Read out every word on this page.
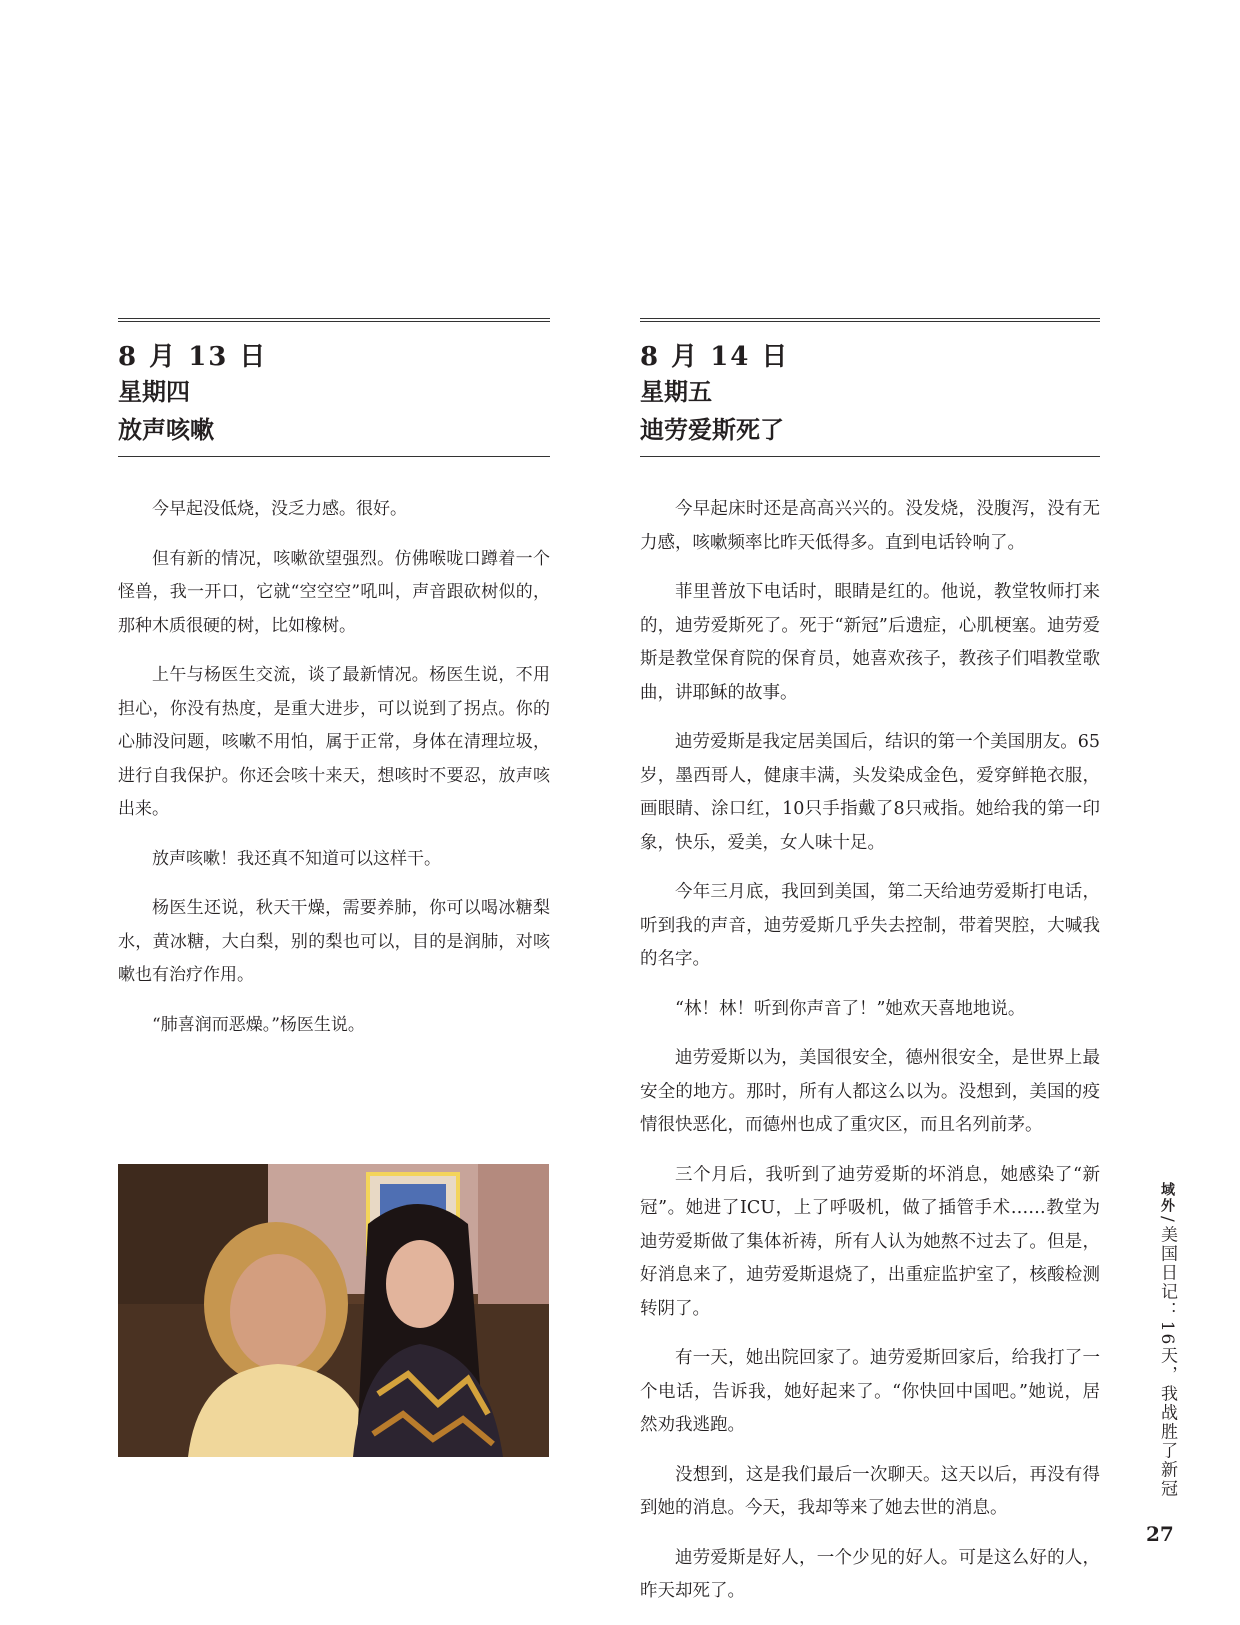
8 月 13 日
星期四
放声咳嗽

今早起没低烧，没乏力感。很好。

但有新的情况，咳嗽欲望强烈。仿佛喉咙口蹲着一个怪兽，我一开口，它就“空空空”吼叫，声音跟砍树似的，那种木质很硬的树，比如橡树。

上午与杨医生交流，谈了最新情况。杨医生说，不用担心，你没有热度，是重大进步，可以说到了拐点。你的心肺没问题，咳嗽不用怕，属于正常，身体在清理垃圾，进行自我保护。你还会咳十来天，想咳时不要忍，放声咳出来。

放声咳嗽！我还真不知道可以这样干。

杨医生还说，秋天干燥，需要养肺，你可以喝冰糖梨水，黄冰糖，大白梨，别的梨也可以，目的是润肺，对咳嗽也有治疗作用。

“肺喜润而恶燥。”杨医生说。

8 月 14 日
星期五
迪劳爱斯死了

今早起床时还是高高兴兴的。没发烧，没腹泻，没有无力感，咳嗽频率比昨天低得多。直到电话铃响了。

菲里普放下电话时，眼睛是红的。他说，教堂牧师打来的，迪劳爱斯死了。死于“新冠”后遗症，心肌梗塞。迪劳爱斯是教堂保育院的保育员，她喜欢孩子，教孩子们唱教堂歌曲，讲耶稣的故事。

迪劳爱斯是我定居美国后，结识的第一个美国朋友。65岁，墨西哥人，健康丰满，头发染成金色，爱穿鲜艳衣服，画眼睛、涂口红，10只手指戴了8只戒指。她给我的第一印象，快乐，爱美，女人味十足。

今年三月底，我回到美国，第二天给迪劳爱斯打电话，听到我的声音，迪劳爱斯几乎失去控制，带着哭腔，大喊我的名字。

“林！林！听到你声音了！”她欢天喜地地说。

迪劳爱斯以为，美国很安全，德州很安全，是世界上最安全的地方。那时，所有人都这么以为。没想到，美国的疫情很快恶化，而德州也成了重灾区，而且名列前茅。

三个月后，我听到了迪劳爱斯的坏消息，她感染了“新冠”。她进了ICU，上了呼吸机，做了插管手术……教堂为迪劳爱斯做了集体祈祷，所有人认为她熬不过去了。但是，好消息来了，迪劳爱斯退烧了，出重症监护室了，核酸检测转阴了。

有一天，她出院回家了。迪劳爱斯回家后，给我打了一个电话，告诉我，她好起来了。“你快回中国吧。”她说，居然劝我逃跑。

没想到，这是我们最后一次聊天。这天以后，再没有得到她的消息。今天，我却等来了她去世的消息。

迪劳爱斯是好人，一个少见的好人。可是这么好的人，昨天却死了。

域外/美国日记：16天，我战胜了新冠
27
